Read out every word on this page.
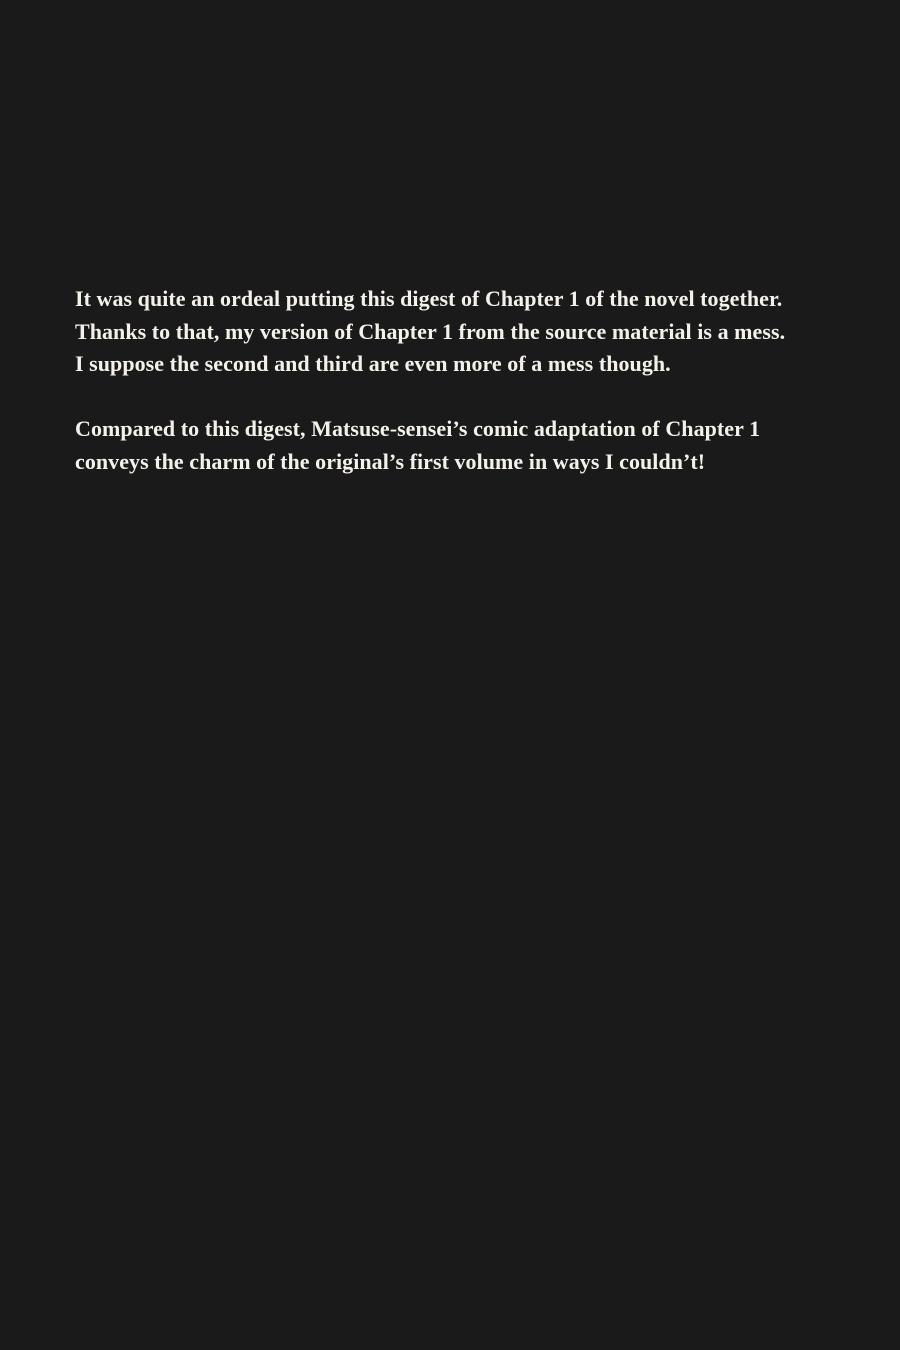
It was quite an ordeal putting this digest of Chapter 1 of the novel together.
Thanks to that, my version of Chapter 1 from the source material is a mess.
I suppose the second and third are even more of a mess though.

Compared to this digest, Matsuse-sensei’s comic adaptation of Chapter 1
conveys the charm of the original’s first volume in ways I couldn’t!
